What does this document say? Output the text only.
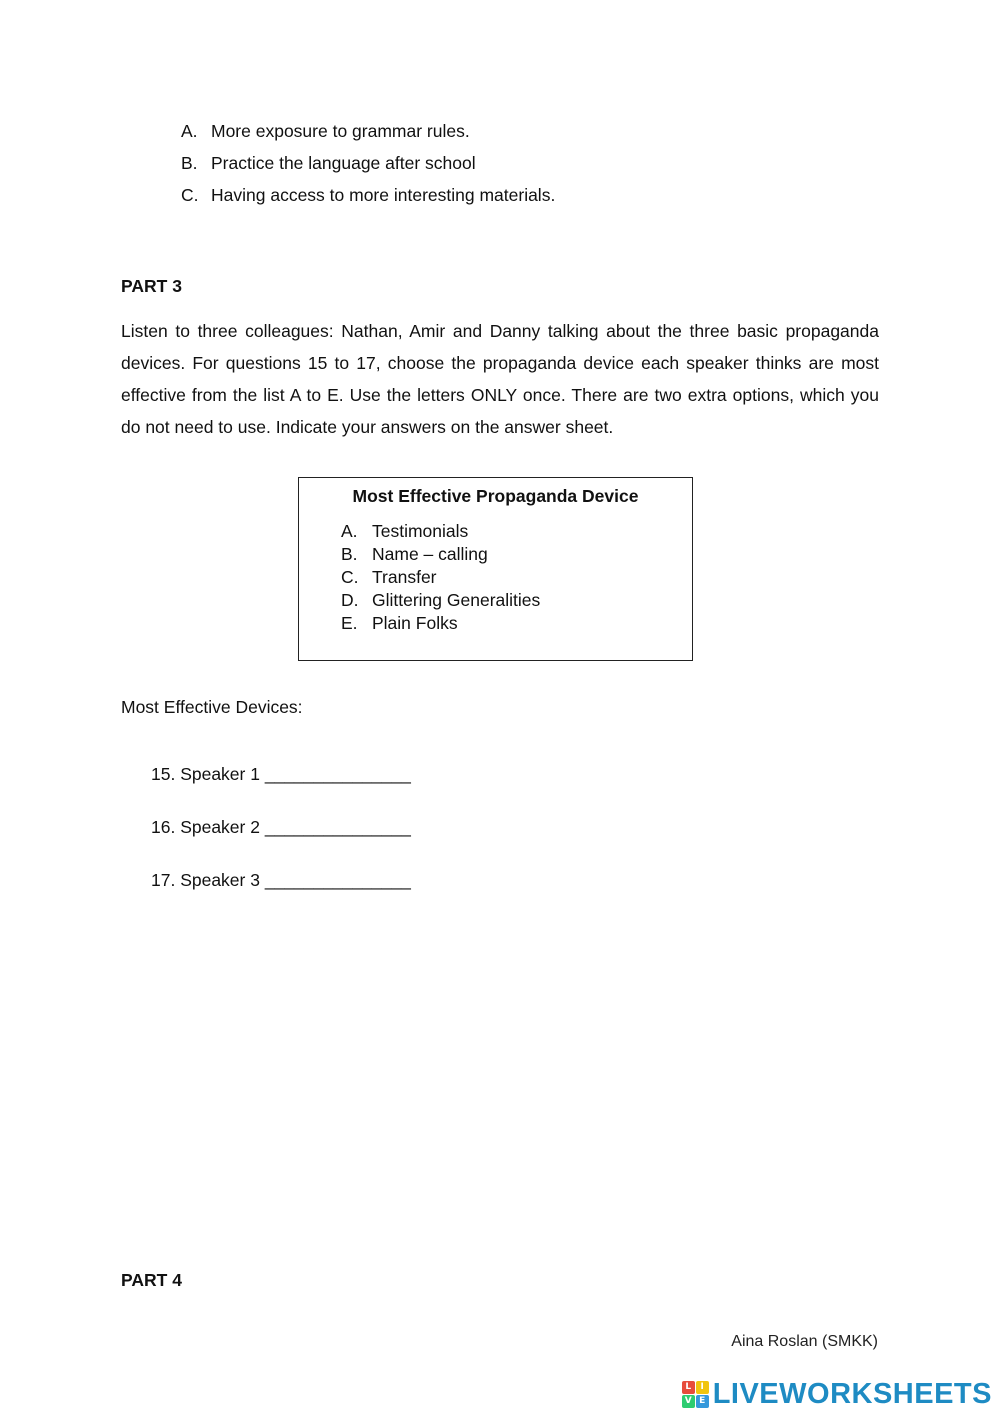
A. More exposure to grammar rules.
B. Practice the language after school
C. Having access to more interesting materials.
PART 3
Listen to three colleagues: Nathan, Amir and Danny talking about the three basic propaganda devices. For questions 15 to 17, choose the propaganda device each speaker thinks are most effective from the list A to E. Use the letters ONLY once. There are two extra options, which you do not need to use. Indicate your answers on the answer sheet.
Most Effective Propaganda Device
A. Testimonials
B. Name – calling
C. Transfer
D. Glittering Generalities
E. Plain Folks
Most Effective Devices:
15. Speaker 1 _______________
16. Speaker 2 _______________
17. Speaker 3 _______________
PART 4
Aina Roslan (SMKK)
L	I
V E LIVEWORKSHEETS
